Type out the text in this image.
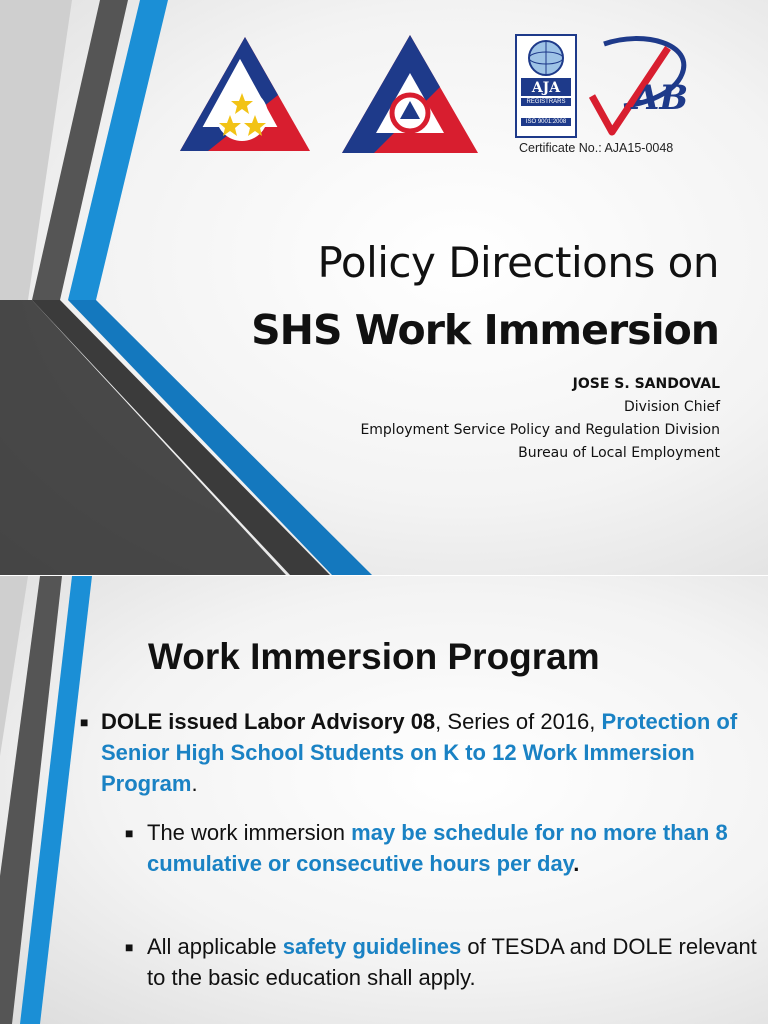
AJA
REGISTRARS
ISO 9001:2008
AB
Certificate No.: AJA15-0048
Policy Directions on
SHS Work Immersion
JOSE S. SANDOVAL
Division Chief
Employment Service Policy and Regulation Division
Bureau of Local Employment
Work Immersion Program
■ DOLE issued Labor Advisory 08, Series of 2016, Protection of Senior High School Students on K to 12 Work Immersion Program.
■ The work immersion may be schedule for no more than 8 cumulative or consecutive hours per day.
■ All applicable safety guidelines of TESDA and DOLE relevant to the basic education shall apply.
